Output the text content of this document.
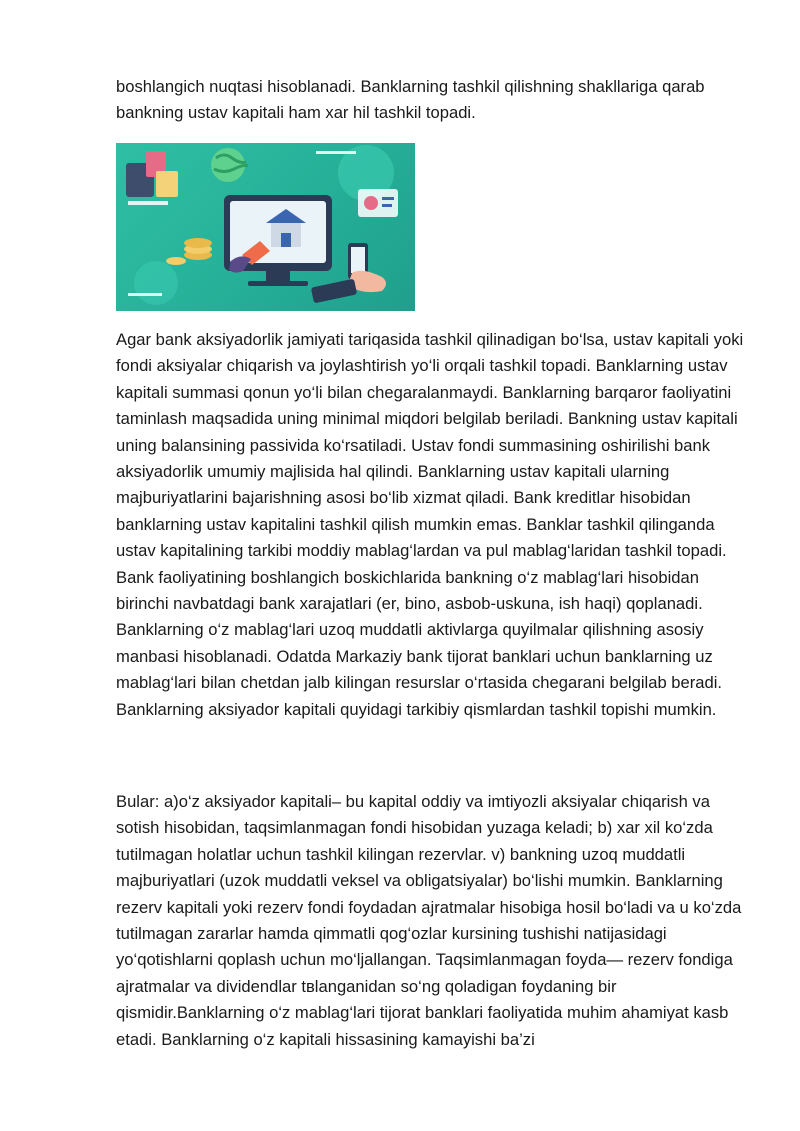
boshlangich nuqtasi hisoblanadi. Banklarning tashkil qilishning shakllariga qarab bankning ustav kapitali ham xar hil tashkil topadi.

Agar bank aksiyadorlik jamiyati tariqasida tashkil qilinadigan bo‘lsa, ustav kapitali yoki fondi aksiyalar chiqarish va joylashtirish yo‘li orqali tashkil topadi. Banklarning ustav kapitali summasi qonun yo‘li bilan chegaralanmaydi. Banklarning barqaror faoliyatini taminlash maqsadida uning minimal miqdori belgilab beriladi. Bankning ustav kapitali uning balansining passivida ko‘rsatiladi. Ustav fondi summasining oshirilishi bank aksiyadorlik umumiy majlisida hal qilindi. Banklarning ustav kapitali ularning majburiyatlarini bajarishning asosi bo‘lib xizmat qiladi. Bank kreditlar hisobidan banklarning ustav kapitalini tashkil qilish mumkin emas. Banklar tashkil qilinganda ustav kapitalining tarkibi moddiy mablag‘lardan va pul mablag‘laridan tashkil topadi. Bank faoliyatining boshlangich boskichlarida bankning o‘z mablag‘lari hisobidan birinchi navbatdagi bank xarajatlari (er, bino, asbob-uskuna, ish haqi) qoplanadi. Banklarning o‘z mablag‘lari uzoq muddatli aktivlarga quyilmalar qilishning asosiy manbasi hisoblanadi. Odatda Markaziy bank tijorat banklari uchun banklarning uz mablag‘lari bilan chetdan jalb kilingan resurslar o‘rtasida chegarani belgilab beradi. Banklarning aksiyador kapitali quyidagi tarkibiy qismlardan tashkil topishi mumkin.

Bular: a)o‘z aksiyador kapitali– bu kapital oddiy va imtiyozli aksiyalar chiqarish va sotish hisobidan, taqsimlanmagan fondi hisobidan yuzaga keladi; b) xar xil ko‘zda tutilmagan holatlar uchun tashkil kilingan rezervlar. v) bankning uzoq muddatli majburiyatlari (uzok muddatli veksel va obligatsiyalar) bo‘lishi mumkin. Banklarning rezerv kapitali yoki rezerv fondi foydadan ajratmalar hisobiga hosil bo‘ladi va u ko‘zda tutilmagan zararlar hamda qimmatli qog‘ozlar kursining tushishi natijasidagi yo‘qotishlarni qoplash uchun mo‘ljallangan. Taqsimlanmagan foyda— rezerv fondiga ajratmalar va dividendlar tʙlanganidan so‘ng qoladigan foydaning bir qismidir.Banklarning o‘z mablag‘lari tijorat banklari faoliyatida muhim ahamiyat kasb etadi. Banklarning o‘z kapitali hissasining kamayishi ba’zi
